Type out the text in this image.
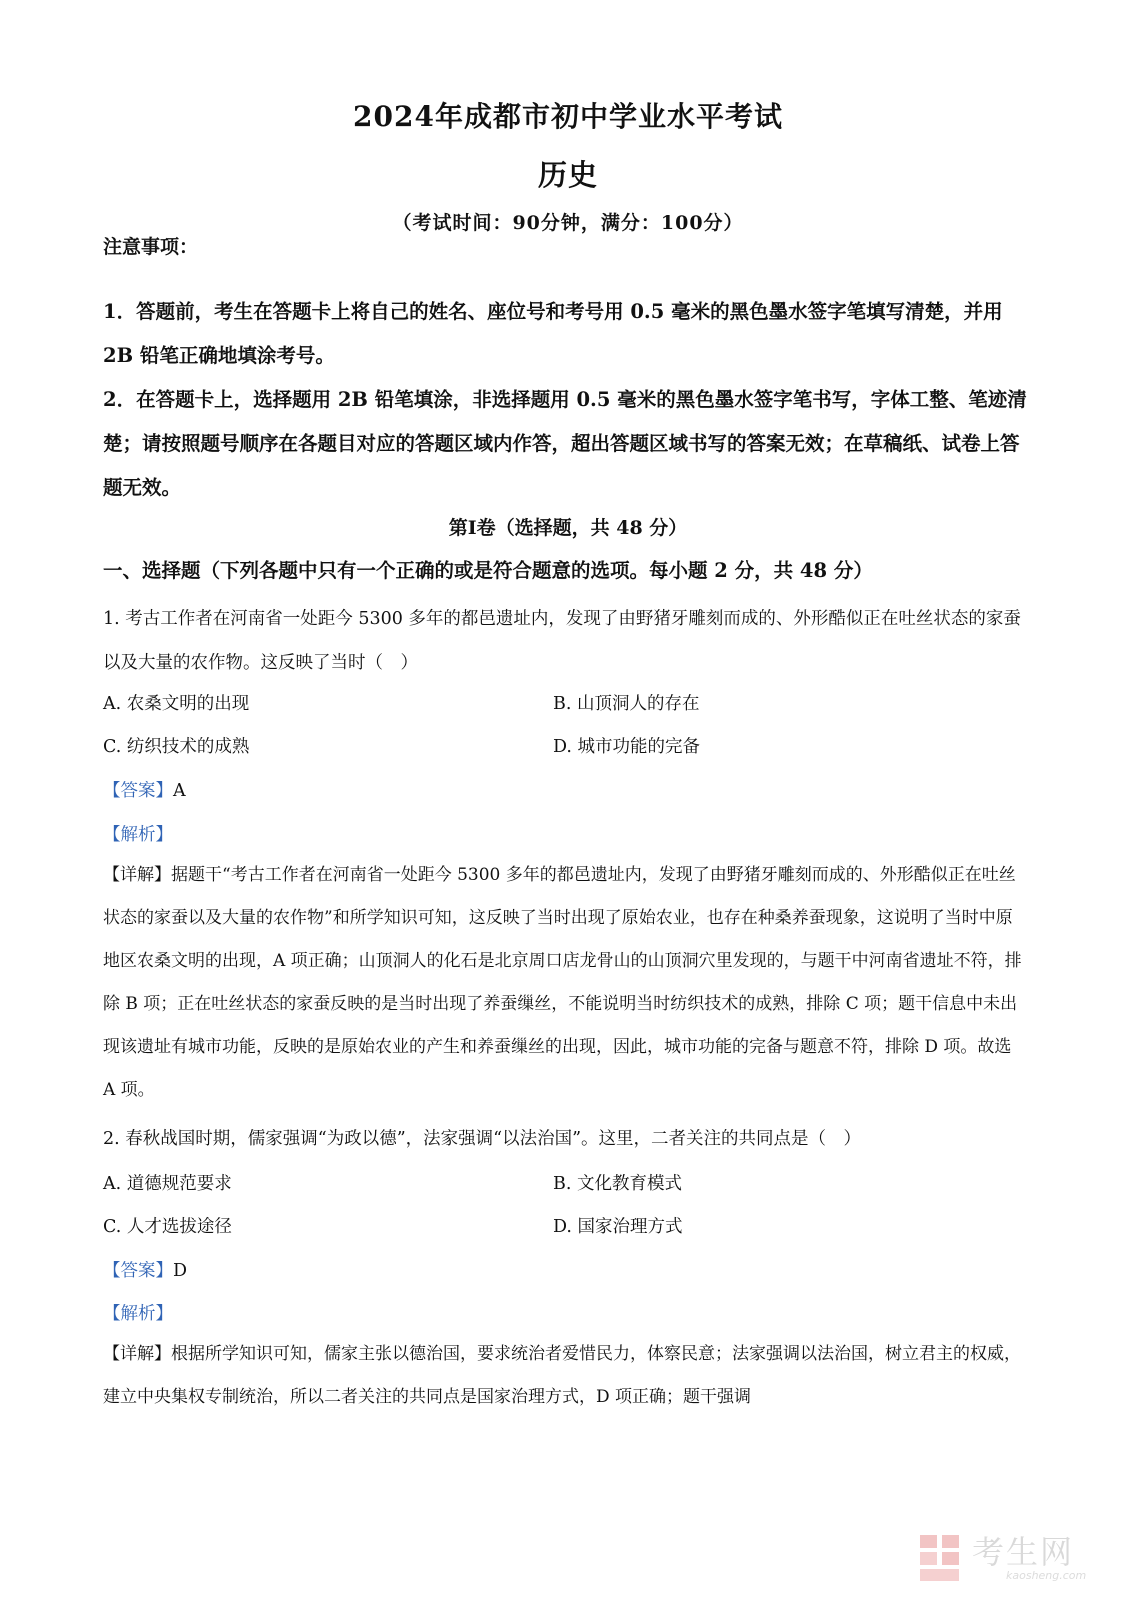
2024年成都市初中学业水平考试
历史
（考试时间：90分钟，满分：100分）
注意事项：
1．答题前，考生在答题卡上将自己的姓名、座位号和考号用 0.5 毫米的黑色墨水签字笔填写清楚，并用 2B 铅笔正确地填涂考号。
2．在答题卡上，选择题用 2B 铅笔填涂，非选择题用 0.5 毫米的黑色墨水签字笔书写，字体工整、笔迹清楚；请按照题号顺序在各题目对应的答题区域内作答，超出答题区域书写的答案无效；在草稿纸、试卷上答题无效。
第Ⅰ卷（选择题，共 48 分）
一、选择题（下列各题中只有一个正确的或是符合题意的选项。每小题 2 分，共 48 分）
1. 考古工作者在河南省一处距今 5300 多年的都邑遗址内，发现了由野猪牙雕刻而成的、外形酷似正在吐丝状态的家蚕以及大量的农作物。这反映了当时（　）
A. 农桑文明的出现	B. 山顶洞人的存在
C. 纺织技术的成熟	D. 城市功能的完备
【答案】A
【解析】
【详解】据题干“考古工作者在河南省一处距今 5300 多年的都邑遗址内，发现了由野猪牙雕刻而成的、外形酷似正在吐丝状态的家蚕以及大量的农作物”和所学知识可知，这反映了当时出现了原始农业，也存在种桑养蚕现象，这说明了当时中原地区农桑文明的出现，A 项正确；山顶洞人的化石是北京周口店龙骨山的山顶洞穴里发现的，与题干中河南省遗址不符，排除 B 项；正在吐丝状态的家蚕反映的是当时出现了养蚕缫丝，不能说明当时纺织技术的成熟，排除 C 项；题干信息中未出现该遗址有城市功能，反映的是原始农业的产生和养蚕缫丝的出现，因此，城市功能的完备与题意不符，排除 D 项。故选 A 项。
2. 春秋战国时期，儒家强调“为政以德”，法家强调“以法治国”。这里，二者关注的共同点是（　）
A. 道德规范要求	B. 文化教育模式
C. 人才选拔途径	D. 国家治理方式
【答案】D
【解析】
【详解】根据所学知识可知，儒家主张以德治国，要求统治者爱惜民力，体察民意；法家强调以法治国，树立君主的权威，建立中央集权专制统治，所以二者关注的共同点是国家治理方式，D 项正确；题干强调
考生网
kaosheng.com
